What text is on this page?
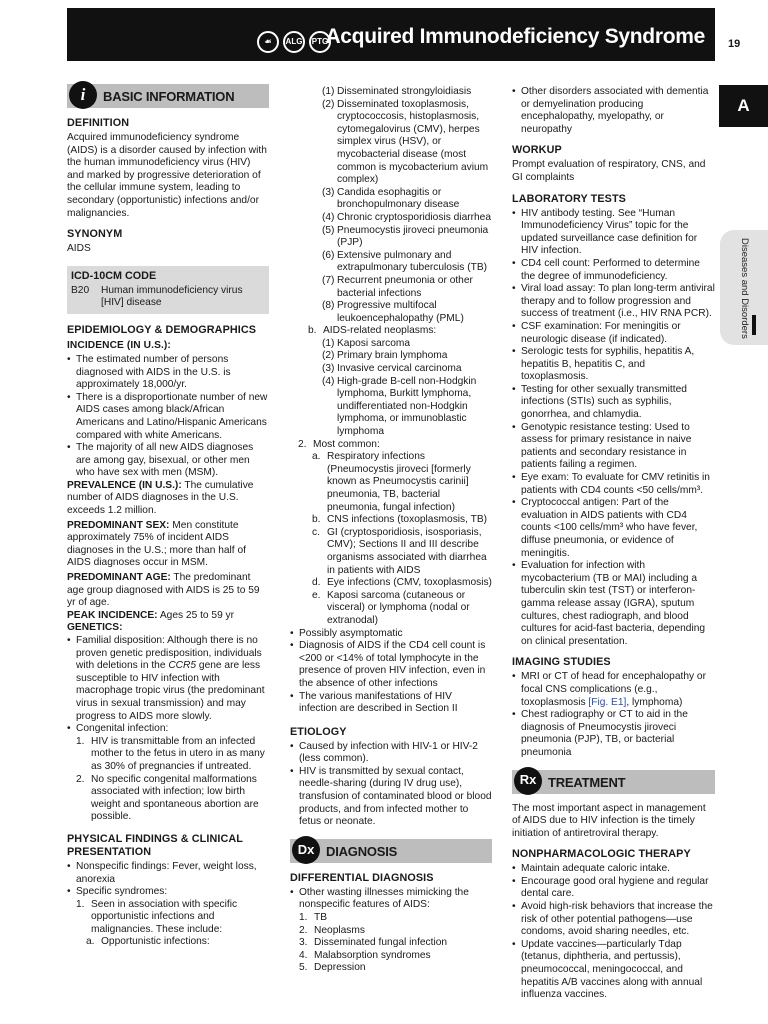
☙	ALG	PTG
Acquired Immunodeficiency Syndrome 19
A
Diseases and Disorders
i	BASIC INFORMATION
DEFINITION

Acquired immunodeficiency syndrome (AIDS) is a disorder caused by infection with the human immunodeficiency virus (HIV) and marked by progressive deterioration of the cellular immune system, leading to secondary (opportunistic) infections and/or malignancies.

SYNONYM

AIDS

ICD-10CM CODE
B20	Human immunodeficiency virus [HIV] disease
EPIDEMIOLOGY & DEMOGRAPHICS
INCIDENCE (IN U.S.):
• The estimated number of persons diagnosed with AIDS in the U.S. is approximately 18,000/yr.
• There is a disproportionate number of new AIDS cases among black/African Americans and Latino/Hispanic Americans compared with white Americans.
• The majority of all new AIDS diagnoses are among gay, bisexual, or other men who have sex with men (MSM).

PREVALENCE (IN U.S.): The cumulative number of AIDS diagnoses in the U.S. exceeds 1.2 million.

PREDOMINANT SEX: Men constitute approximately 75% of incident AIDS diagnoses in the U.S.; more than half of AIDS diagnoses occur in MSM.

PREDOMINANT AGE: The predominant age group diagnosed with AIDS is 25 to 59 yr of age.

PEAK INCIDENCE: Ages 25 to 59 yr

GENETICS:

• Familial disposition: Although there is no proven genetic predisposition, individuals with deletions in the CCR5 gene are less susceptible to HIV infection with macrophage tropic virus (the predominant virus in sexual transmission) and may progress to AIDS more slowly.
• Congenital infection:
1. HIV is transmittable from an infected mother to the fetus in utero in as many as 30% of pregnancies if untreated.
2. No specific congenital malformations associated with infection; low birth weight and spontaneous abortion are possible.
PHYSICAL FINDINGS & CLINICAL PRESENTATION
• Nonspecific findings: Fever, weight loss, anorexia
• Specific syndromes:
1. Seen in association with specific opportunistic infections and malignancies. These include:
a. Opportunistic infections:
(1) Disseminated strongyloidiasis
(2) Disseminated toxoplasmosis, cryptococcosis, histoplasmosis, cytomegalovirus (CMV), herpes simplex virus (HSV), or mycobacterial disease (most common is mycobacterium avium complex)
(3) Candida esophagitis or bronchopulmonary disease
(4) Chronic cryptosporidiosis diarrhea
(5) Pneumocystis jiroveci pneumonia (PJP)
(6) Extensive pulmonary and extrapulmonary tuberculosis (TB)
(7) Recurrent pneumonia or other bacterial infections
(8) Progressive multifocal leukoencephalopathy (PML)
b. AIDS-related neoplasms:
(1) Kaposi sarcoma
(2) Primary brain lymphoma
(3) Invasive cervical carcinoma
(4) High-grade B-cell non-Hodgkin lymphoma, Burkitt lymphoma, undifferentiated non-Hodgkin lymphoma, or immunoblastic lymphoma
2. Most common:
a. Respiratory infections (Pneumocystis jiroveci [formerly known as Pneumocystis carinii] pneumonia, TB, bacterial pneumonia, fungal infection)
b. CNS infections (toxoplasmosis, TB)
c. GI (cryptosporidiosis, isosporiasis, CMV); Sections II and III describe organisms associated with diarrhea in patients with AIDS
d. Eye infections (CMV, toxoplasmosis)
e. Kaposi sarcoma (cutaneous or visceral) or lymphoma (nodal or extranodal)
• Possibly asymptomatic
• Diagnosis of AIDS if the CD4 cell count is <200 or <14% of total lymphocyte in the presence of proven HIV infection, even in the absence of other infections
• The various manifestations of HIV infection are described in Section II
ETIOLOGY
• Caused by infection with HIV-1 or HIV-2 (less common).
• HIV is transmitted by sexual contact, needle-sharing (during IV drug use), transfusion of contaminated blood or blood products, and from infected mother to fetus or neonate.
Dx DIAGNOSIS
DIFFERENTIAL DIAGNOSIS
• Other wasting illnesses mimicking the nonspecific features of AIDS:
1. TB
2. Neoplasms
3. Disseminated fungal infection
4. Malabsorption syndromes
5. Depression
• Other disorders associated with dementia or demyelination producing encephalopathy, myelopathy, or neuropathy
WORKUP

Prompt evaluation of respiratory, CNS, and GI complaints

LABORATORY TESTS
• HIV antibody testing. See “Human Immunodeficiency Virus” topic for the updated surveillance case definition for HIV infection.
• CD4 cell count: Performed to determine the degree of immunodeficiency.
• Viral load assay: To plan long-term antiviral therapy and to follow progression and success of treatment (i.e., HIV RNA PCR).
• CSF examination: For meningitis or neurologic disease (if indicated).
• Serologic tests for syphilis, hepatitis A, hepatitis B, hepatitis C, and toxoplasmosis.
• Testing for other sexually transmitted infections (STIs) such as syphilis, gonorrhea, and chlamydia.
• Genotypic resistance testing: Used to assess for primary resistance in naive patients and secondary resistance in patients failing a regimen.
• Eye exam: To evaluate for CMV retinitis in patients with CD4 counts <50 cells/mm³.
• Cryptococcal antigen: Part of the evaluation in AIDS patients with CD4 counts <100 cells/mm³ who have fever, diffuse pneumonia, or evidence of meningitis.
• Evaluation for infection with mycobacterium (TB or MAI) including a tuberculin skin test (TST) or interferon-gamma release assay (IGRA), sputum cultures, chest radiograph, and blood cultures for acid-fast bacteria, depending on clinical presentation.
IMAGING STUDIES
• MRI or CT of head for encephalopathy or focal CNS complications (e.g., toxoplasmosis [Fig. E1], lymphoma)
• Chest radiography or CT to aid in the diagnosis of Pneumocystis jiroveci pneumonia (PJP), TB, or bacterial pneumonia
Rx TREATMENT

The most important aspect in management of AIDS due to HIV infection is the timely initiation of antiretroviral therapy.

NONPHARMACOLOGIC THERAPY
• Maintain adequate caloric intake.
• Encourage good oral hygiene and regular dental care.
• Avoid high-risk behaviors that increase the risk of other potential pathogens—use condoms, avoid sharing needles, etc.
• Update vaccines—particularly Tdap (tetanus, diphtheria, and pertussis), pneumococcal, meningococcal, and hepatitis A/B vaccines along with annual influenza vaccines.
